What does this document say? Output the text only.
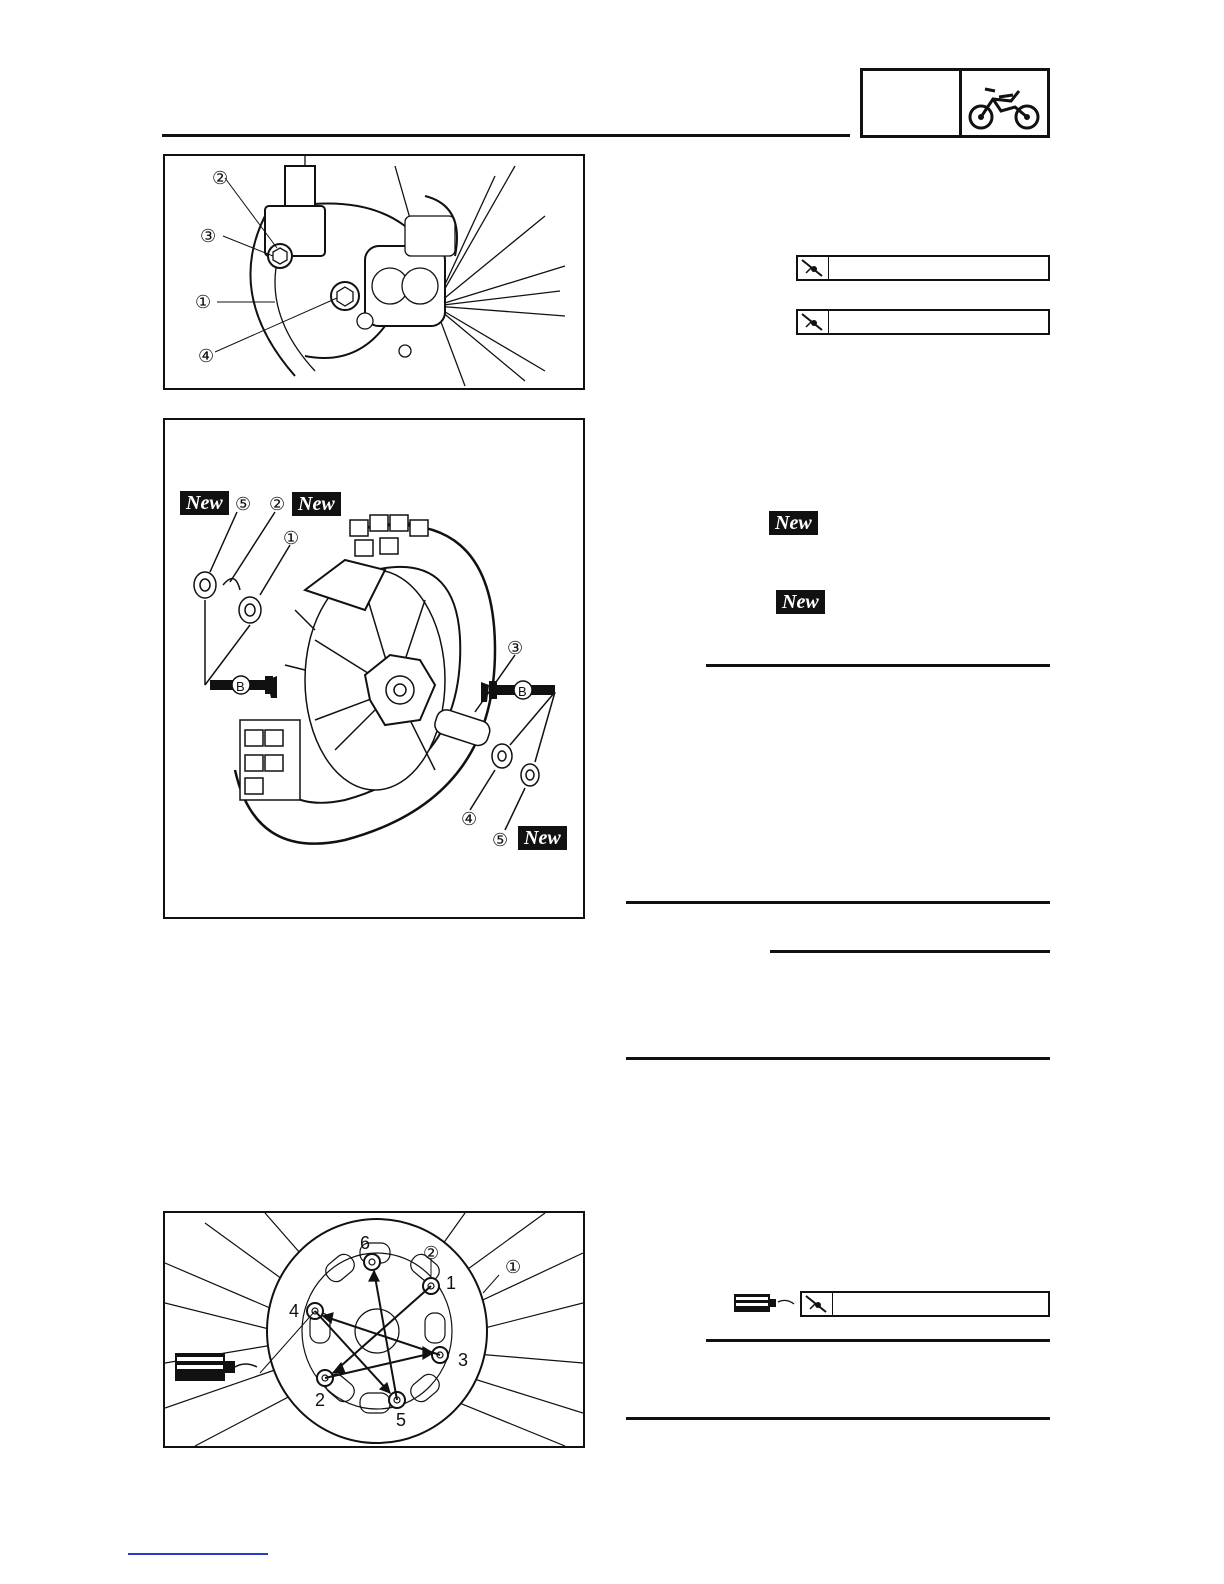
②
③
①
④
B	B
⑤ ②
①
③
④
⑤
New	New
New
①
②
1
2
3
4
5
6
New
New
